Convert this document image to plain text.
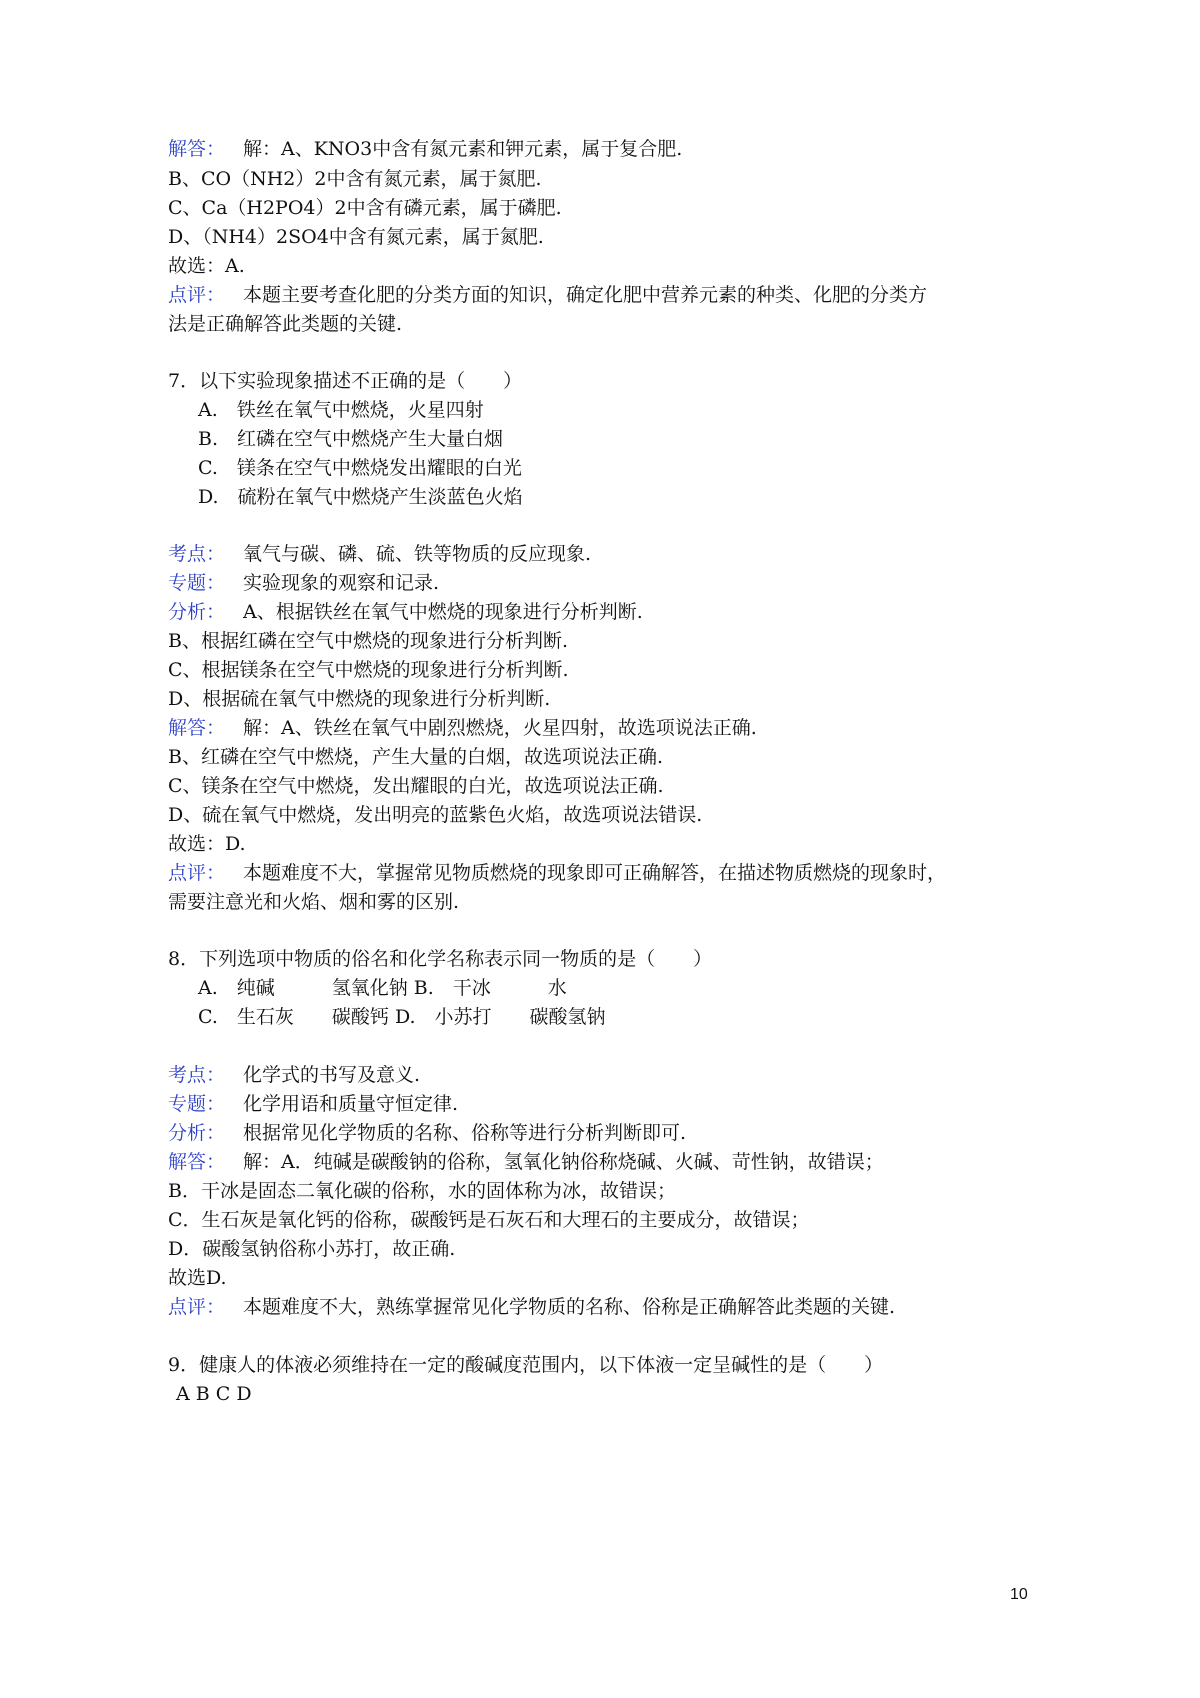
解答： 解：A、KNO3中含有氮元素和钾元素，属于复合肥.
B、CO（NH2）2中含有氮元素，属于氮肥.
C、Ca（H2PO4）2中含有磷元素，属于磷肥.
D、（NH4）2SO4中含有氮元素，属于氮肥.
故选：A.
点评： 本题主要考查化肥的分类方面的知识，确定化肥中营养元素的种类、化肥的分类方
法是正确解答此类题的关键.
7．以下实验现象描述不正确的是（　　）
A.　铁丝在氧气中燃烧，火星四射
B.　红磷在空气中燃烧产生大量白烟
C.　镁条在空气中燃烧发出耀眼的白光
D.　硫粉在氧气中燃烧产生淡蓝色火焰
考点： 氧气与碳、磷、硫、铁等物质的反应现象.
专题： 实验现象的观察和记录.
分析： A、根据铁丝在氧气中燃烧的现象进行分析判断.
B、根据红磷在空气中燃烧的现象进行分析判断.
C、根据镁条在空气中燃烧的现象进行分析判断.
D、根据硫在氧气中燃烧的现象进行分析判断.
解答： 解：A、铁丝在氧气中剧烈燃烧，火星四射，故选项说法正确.
B、红磷在空气中燃烧，产生大量的白烟，故选项说法正确.
C、镁条在空气中燃烧，发出耀眼的白光，故选项说法正确.
D、硫在氧气中燃烧，发出明亮的蓝紫色火焰，故选项说法错误.
故选：D.
点评： 本题难度不大，掌握常见物质燃烧的现象即可正确解答，在描述物质燃烧的现象时，
需要注意光和火焰、烟和雾的区别.
8．下列选项中物质的俗名和化学名称表示同一物质的是（　　）
A.　纯碱　　　氢氧化钠 B.　干冰　　　水
C.　生石灰　　碳酸钙 D.　小苏打　　碳酸氢钠
考点： 化学式的书写及意义.
专题： 化学用语和质量守恒定律.
分析： 根据常见化学物质的名称、俗称等进行分析判断即可.
解答： 解：A．纯碱是碳酸钠的俗称，氢氧化钠俗称烧碱、火碱、苛性钠，故错误；
B．干冰是固态二氧化碳的俗称，水的固体称为冰，故错误；
C．生石灰是氧化钙的俗称，碳酸钙是石灰石和大理石的主要成分，故错误；
D．碳酸氢钠俗称小苏打，故正确.
故选D.
点评： 本题难度不大，熟练掌握常见化学物质的名称、俗称是正确解答此类题的关键.
9．健康人的体液必须维持在一定的酸碱度范围内，以下体液一定呈碱性的是（　　）
A B C D
10
